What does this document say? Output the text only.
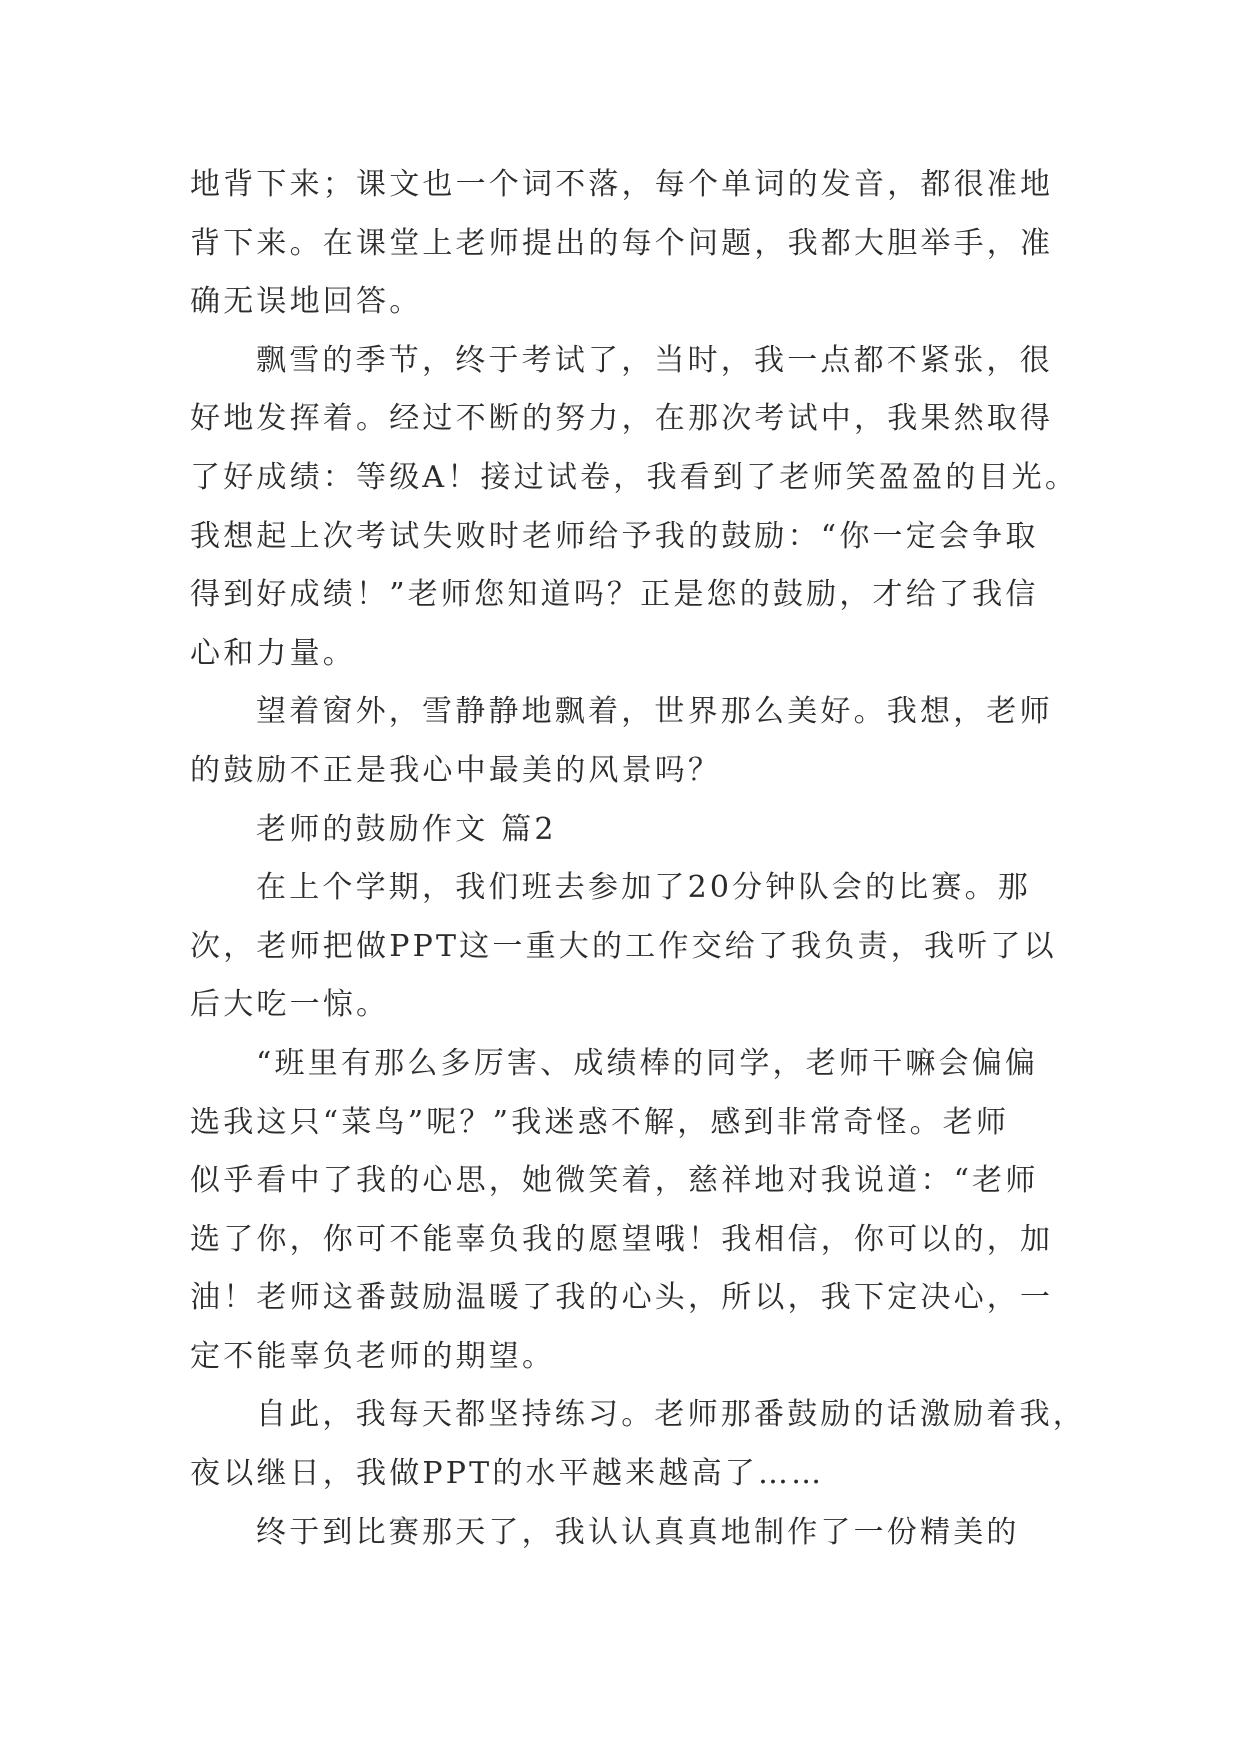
地背下来；课文也一个词不落，每个单词的发音，都很准地
背下来。在课堂上老师提出的每个问题，我都大胆举手，准
确无误地回答。
飘雪的季节，终于考试了，当时，我一点都不紧张，很
好地发挥着。经过不断的努力，在那次考试中，我果然取得
了好成绩：等级A！接过试卷，我看到了老师笑盈盈的目光。
我想起上次考试失败时老师给予我的鼓励：“你一定会争取
得到好成绩！”老师您知道吗？正是您的鼓励，才给了我信
心和力量。
望着窗外，雪静静地飘着，世界那么美好。我想，老师
的鼓励不正是我心中最美的风景吗？
老师的鼓励作文 篇2
在上个学期，我们班去参加了20分钟队会的比赛。那
次，老师把做PPT这一重大的工作交给了我负责，我听了以
后大吃一惊。
“班里有那么多厉害、成绩棒的同学，老师干嘛会偏偏
选我这只“菜鸟”呢？”我迷惑不解，感到非常奇怪。老师
似乎看中了我的心思，她微笑着，慈祥地对我说道：“老师
选了你，你可不能辜负我的愿望哦！我相信，你可以的，加
油！老师这番鼓励温暖了我的心头，所以，我下定决心，一
定不能辜负老师的期望。
自此，我每天都坚持练习。老师那番鼓励的话激励着我，
夜以继日，我做PPT的水平越来越高了……
终于到比赛那天了，我认认真真地制作了一份精美的
